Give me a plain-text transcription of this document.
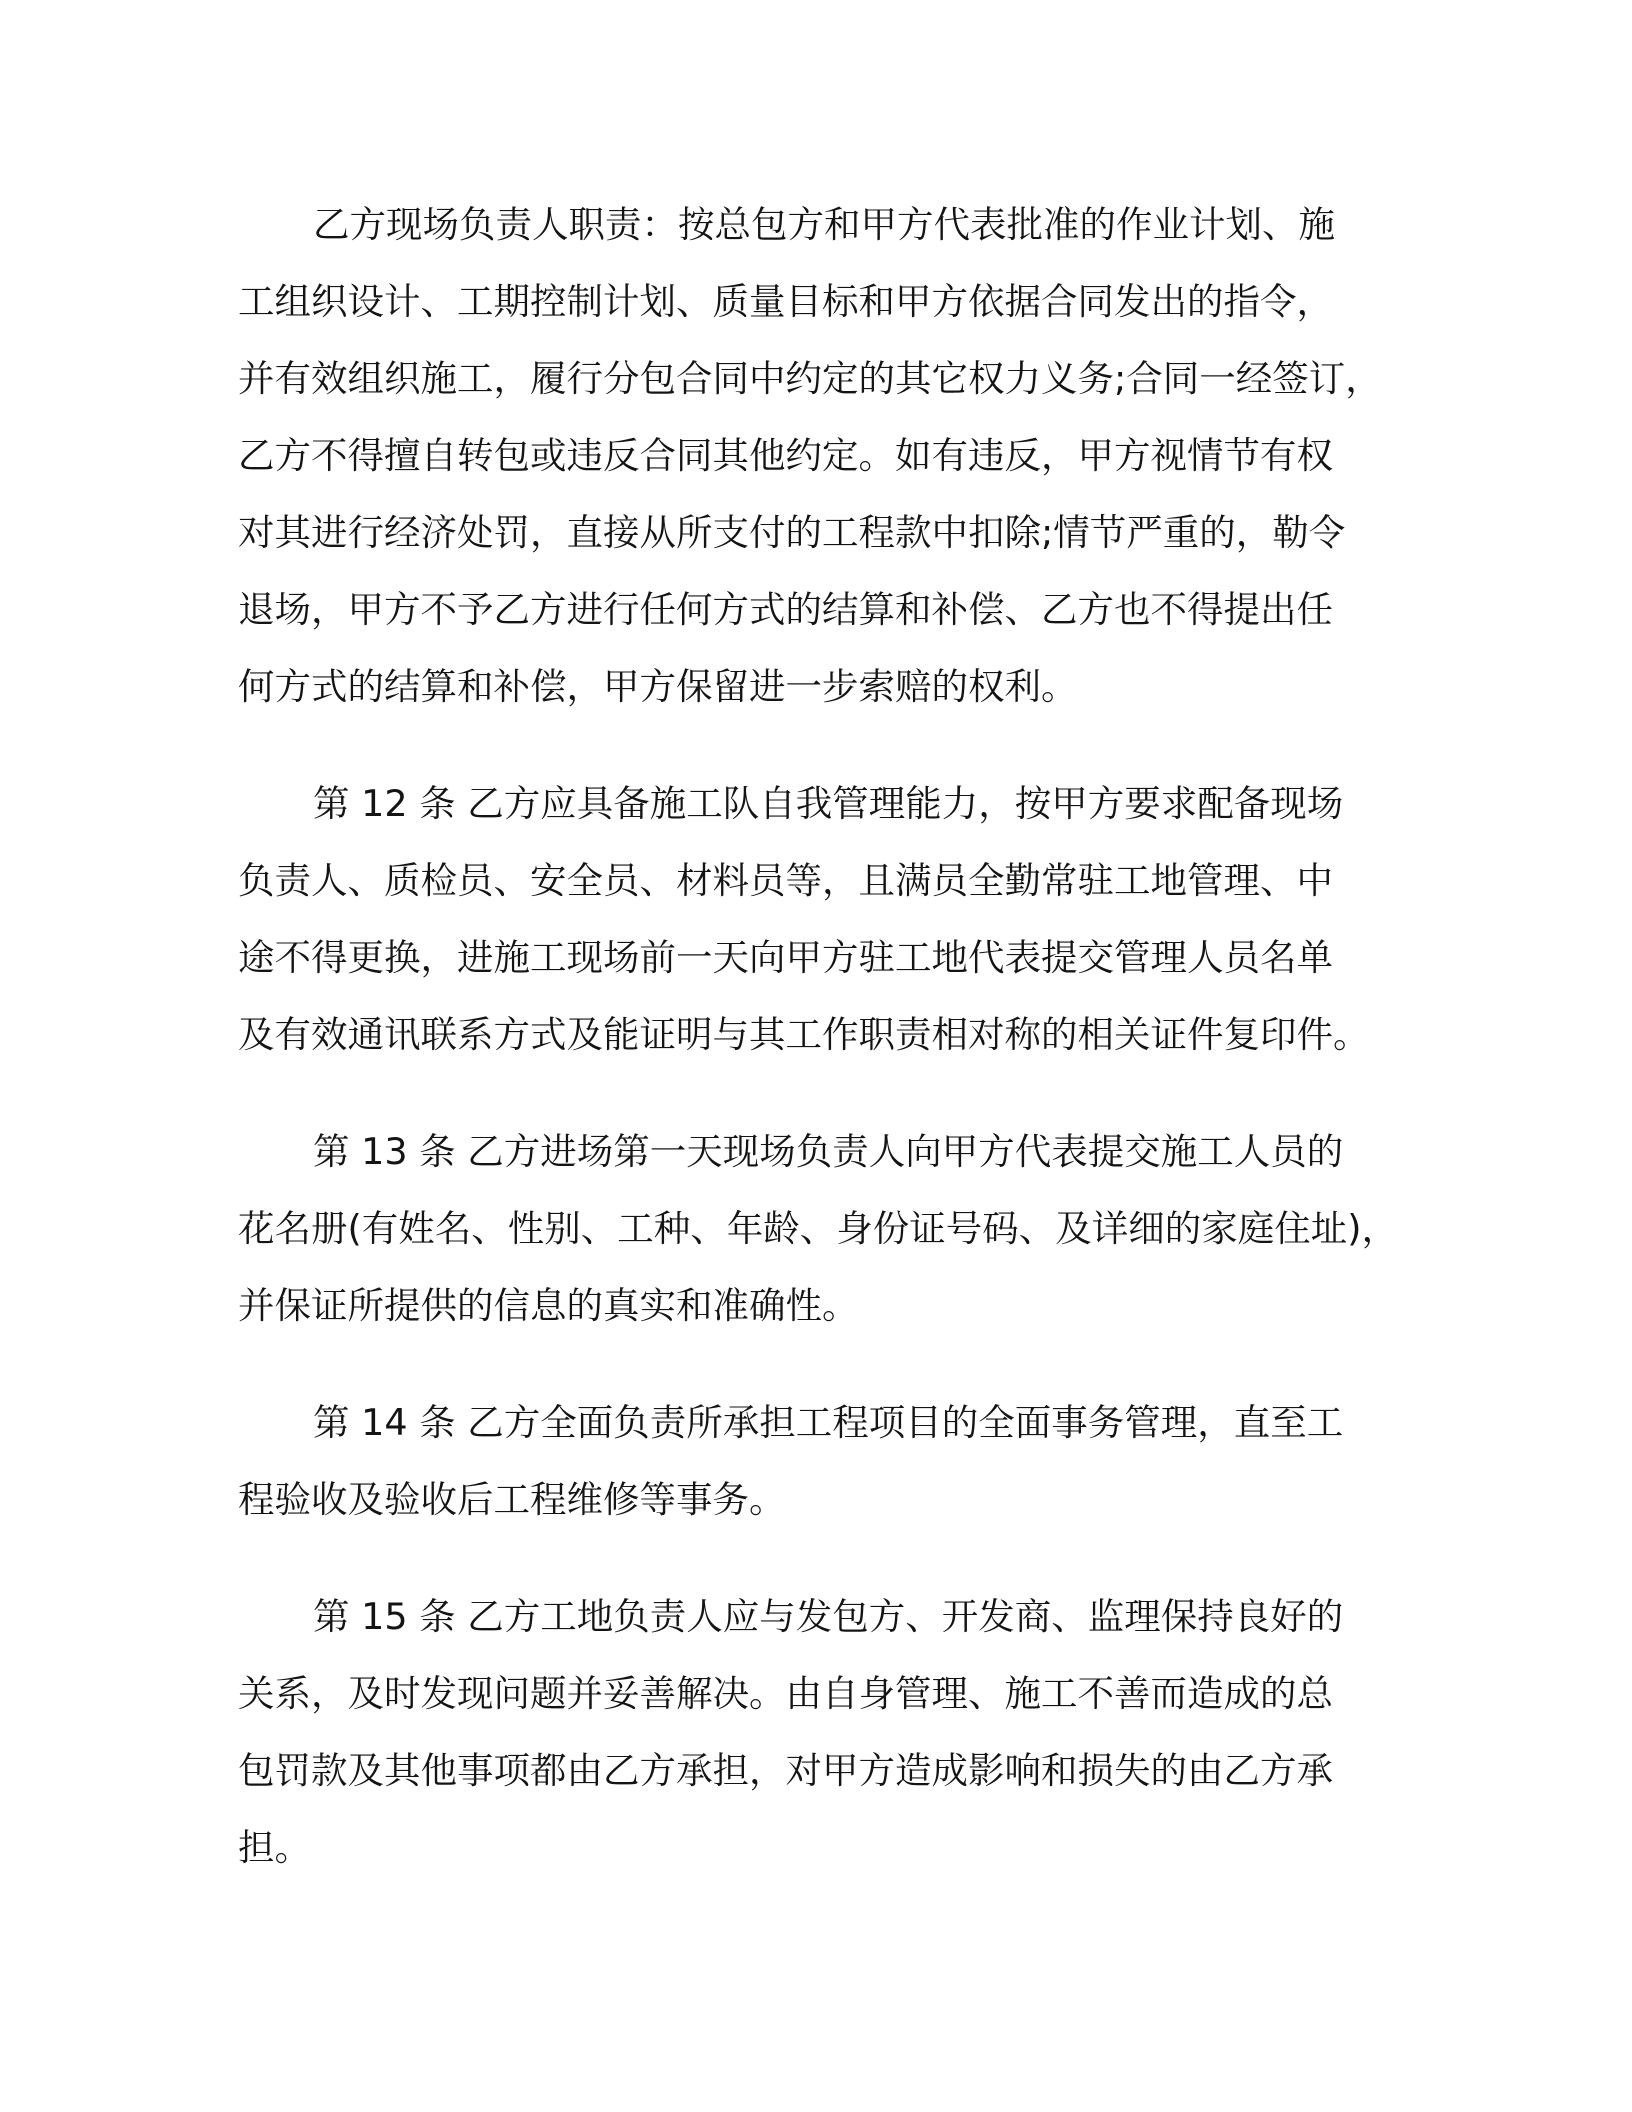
乙方现场负责人职责：按总包方和甲方代表批准的作业计划、施
工组织设计、工期控制计划、质量目标和甲方依据合同发出的指令，
并有效组织施工，履行分包合同中约定的其它权力义务;合同一经签订，
乙方不得擅自转包或违反合同其他约定。如有违反，甲方视情节有权
对其进行经济处罚，直接从所支付的工程款中扣除;情节严重的，勒令
退场，甲方不予乙方进行任何方式的结算和补偿、乙方也不得提出任
何方式的结算和补偿，甲方保留进一步索赔的权利。
第 12 条 乙方应具备施工队自我管理能力，按甲方要求配备现场
负责人、质检员、安全员、材料员等，且满员全勤常驻工地管理、中
途不得更换，进施工现场前一天向甲方驻工地代表提交管理人员名单
及有效通讯联系方式及能证明与其工作职责相对称的相关证件复印件。
第 13 条 乙方进场第一天现场负责人向甲方代表提交施工人员的
花名册(有姓名、性别、工种、年龄、身份证号码、及详细的家庭住址)，
并保证所提供的信息的真实和准确性。
第 14 条 乙方全面负责所承担工程项目的全面事务管理，直至工
程验收及验收后工程维修等事务。
第 15 条 乙方工地负责人应与发包方、开发商、监理保持良好的
关系，及时发现问题并妥善解决。由自身管理、施工不善而造成的总
包罚款及其他事项都由乙方承担，对甲方造成影响和损失的由乙方承
担。
